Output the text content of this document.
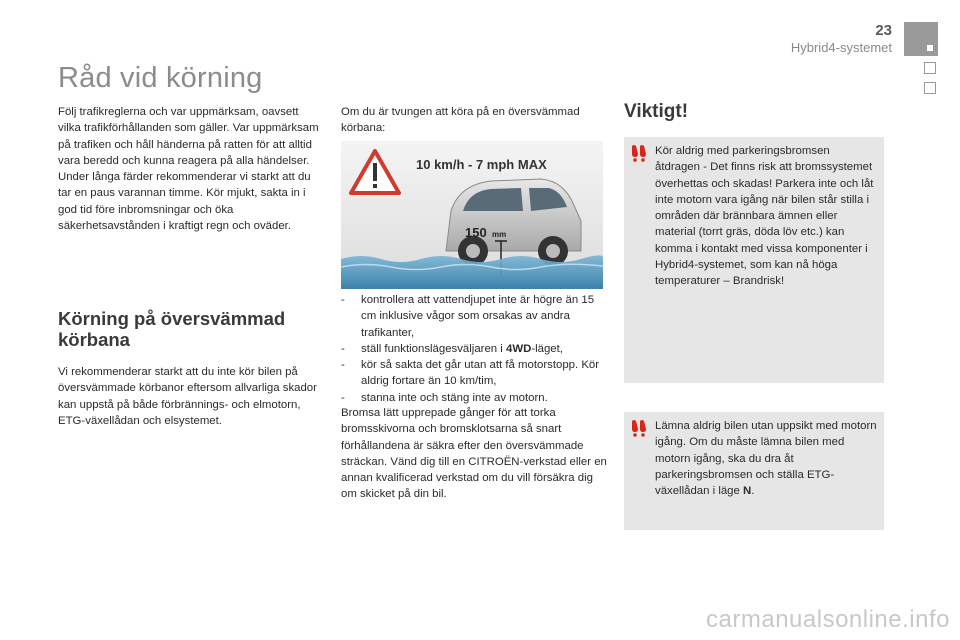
23
Hybrid4-systemet
Råd vid körning

Följ trafikreglerna och var uppmärksam, oavsett vilka trafikförhållanden som gäller. Var uppmärksam på trafiken och håll händerna på ratten för att alltid vara beredd och kunna reagera på alla händelser. Under långa färder rekommenderar vi starkt att du tar en paus varannan timme. Kör mjukt, sakta in i god tid före inbromsningar och öka säkerhetsavstånden i kraftigt regn och oväder.

Körning på översvämmad körbana

Vi rekommenderar starkt att du inte kör bilen på översvämmade körbanor eftersom allvarliga skador kan uppstå på både förbrännings- och elmotorn, ETG-växellådan och elsystemet.

Om du är tvungen att köra på en översvämmad körbana:

10 km/h - 7 mph MAX
150 mm
- kontrollera att vattendjupet inte är högre än 15 cm inklusive vågor som orsakas av andra trafikanter,
- ställ funktionslägesväljaren i 4WD-läget,
- kör så sakta det går utan att få motorstopp. Kör aldrig fortare än 10 km/tim,
- stanna inte och stäng inte av motorn.

Bromsa lätt upprepade gånger för att torka bromsskivorna och bromsklotsarna så snart förhållandena är säkra efter den översvämmade sträckan. Vänd dig till en CITROËN-verkstad eller en annan kvalificerad verkstad om du vill försäkra dig om skicket på din bil.

Viktigt!

Kör aldrig med parkeringsbromsen åtdragen - Det finns risk att bromssystemet överhettas och skadas! Parkera inte och låt inte motorn vara igång när bilen står stilla i områden där brännbara ämnen eller material (torrt gräs, döda löv etc.) kan komma i kontakt med vissa komponenter i Hybrid4-systemet, som kan nå höga temperaturer – Brandrisk!

Lämna aldrig bilen utan uppsikt med motorn igång. Om du måste lämna bilen med motorn igång, ska du dra åt parkeringsbromsen och ställa ETG-växellådan i läge N.

carmanualsonline.info
